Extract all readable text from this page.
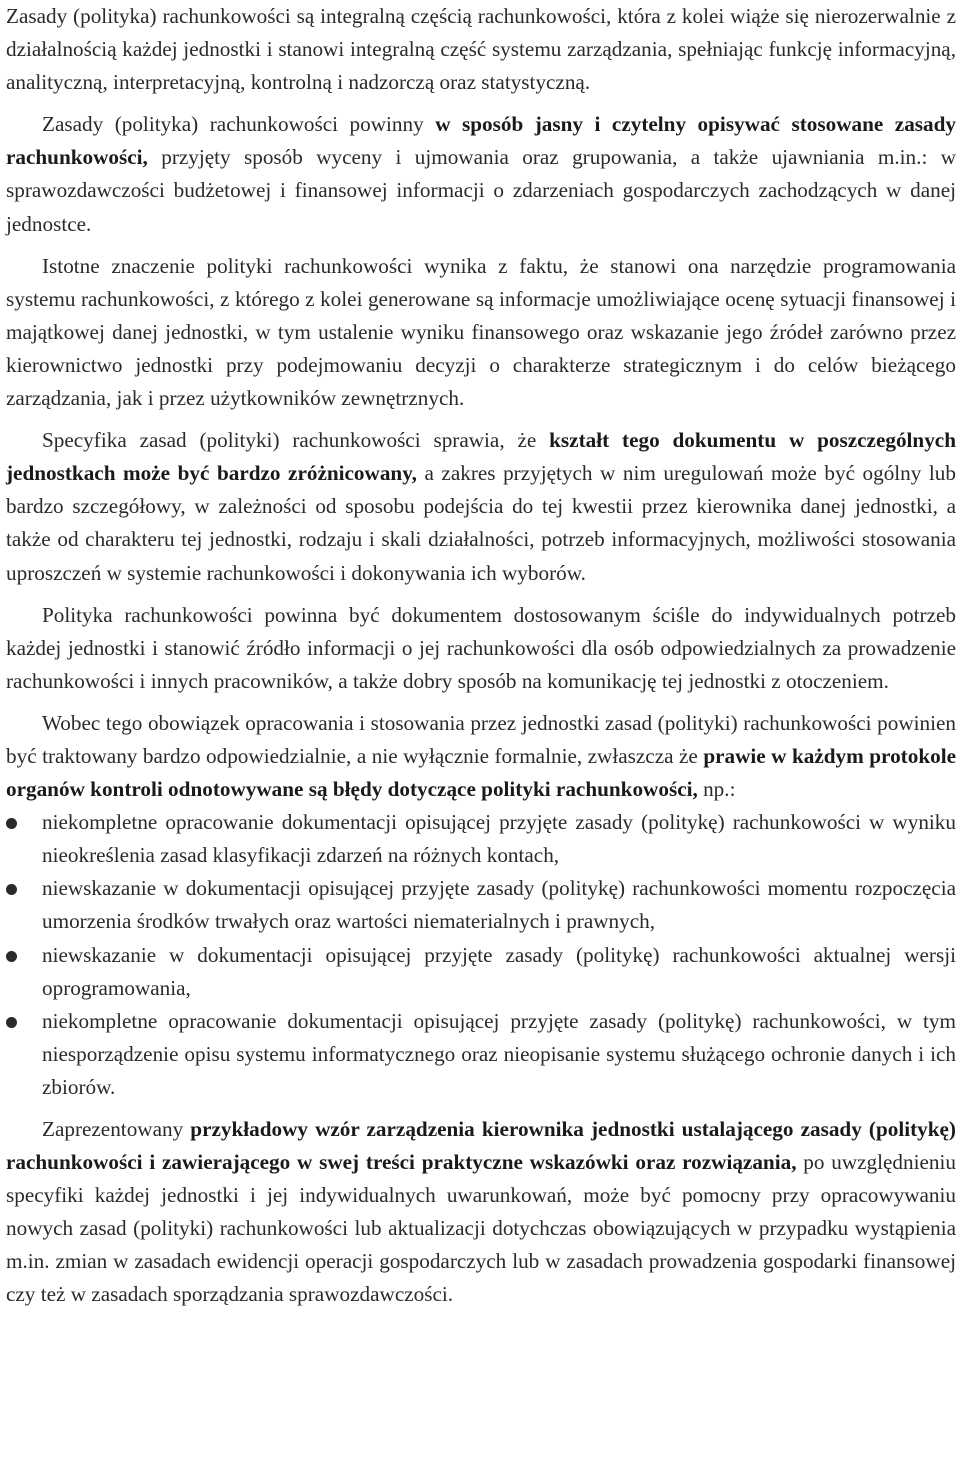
Zasady (polityka) rachunkowości są integralną częścią rachunkowości, która z kolei wiąże się nierozerwalnie z działalnością każdej jednostki i stanowi integralną część systemu zarządzania, spełniając funkcję informacyjną, analityczną, interpretacyjną, kontrolną i nadzorczą oraz statystyczną.

Zasady (polityka) rachunkowości powinny w sposób jasny i czytelny opisywać stosowane zasady rachunkowości, przyjęty sposób wyceny i ujmowania oraz grupowania, a także ujawniania m.in.: w sprawozdawczości budżetowej i finansowej informacji o zdarzeniach gospodarczych zachodzących w danej jednostce.

Istotne znaczenie polityki rachunkowości wynika z faktu, że stanowi ona narzędzie programowania systemu rachunkowości, z którego z kolei generowane są informacje umożliwiające ocenę sytuacji finansowej i majątkowej danej jednostki, w tym ustalenie wyniku finansowego oraz wskazanie jego źródeł zarówno przez kierownictwo jednostki przy podejmowaniu decyzji o charakterze strategicznym i do celów bieżącego zarządzania, jak i przez użytkowników zewnętrznych.

Specyfika zasad (polityki) rachunkowości sprawia, że kształt tego dokumentu w poszczególnych jednostkach może być bardzo zróżnicowany, a zakres przyjętych w nim uregulowań może być ogólny lub bardzo szczegółowy, w zależności od sposobu podejścia do tej kwestii przez kierownika danej jednostki, a także od charakteru tej jednostki, rodzaju i skali działalności, potrzeb informacyjnych, możliwości stosowania uproszczeń w systemie rachunkowości i dokonywania ich wyborów.

Polityka rachunkowości powinna być dokumentem dostosowanym ściśle do indywidualnych potrzeb każdej jednostki i stanowić źródło informacji o jej rachunkowości dla osób odpowiedzialnych za prowadzenie rachunkowości i innych pracowników, a także dobry sposób na komunikację tej jednostki z otoczeniem.

Wobec tego obowiązek opracowania i stosowania przez jednostki zasad (polityki) rachunkowości powinien być traktowany bardzo odpowiedzialnie, a nie wyłącznie formalnie, zwłaszcza że prawie w każdym protokole organów kontroli odnotowywane są błędy dotyczące polityki rachunkowości, np.:

niekompletne opracowanie dokumentacji opisującej przyjęte zasady (politykę) rachunkowości w wyniku nieokreślenia zasad klasyfikacji zdarzeń na różnych kontach,
niewskazanie w dokumentacji opisującej przyjęte zasady (politykę) rachunkowości momentu rozpoczęcia umorzenia środków trwałych oraz wartości niematerialnych i prawnych,
niewskazanie w dokumentacji opisującej przyjęte zasady (politykę) rachunkowości aktualnej wersji oprogramowania,
niekompletne opracowanie dokumentacji opisującej przyjęte zasady (politykę) rachunkowości, w tym niesporządzenie opisu systemu informatycznego oraz nieopisanie systemu służącego ochronie danych i ich zbiorów.

Zaprezentowany przykładowy wzór zarządzenia kierownika jednostki ustalającego zasady (politykę) rachunkowości i zawierającego w swej treści praktyczne wskazówki oraz rozwiązania, po uwzględnieniu specyfiki każdej jednostki i jej indywidualnych uwarunkowań, może być pomocny przy opracowywaniu nowych zasad (polityki) rachunkowości lub aktualizacji dotychczas obowiązujących w przypadku wystąpienia m.in. zmian w zasadach ewidencji operacji gospodarczych lub w zasadach prowadzenia gospodarki finansowej czy też w zasadach sporządzania sprawozdawczości.
